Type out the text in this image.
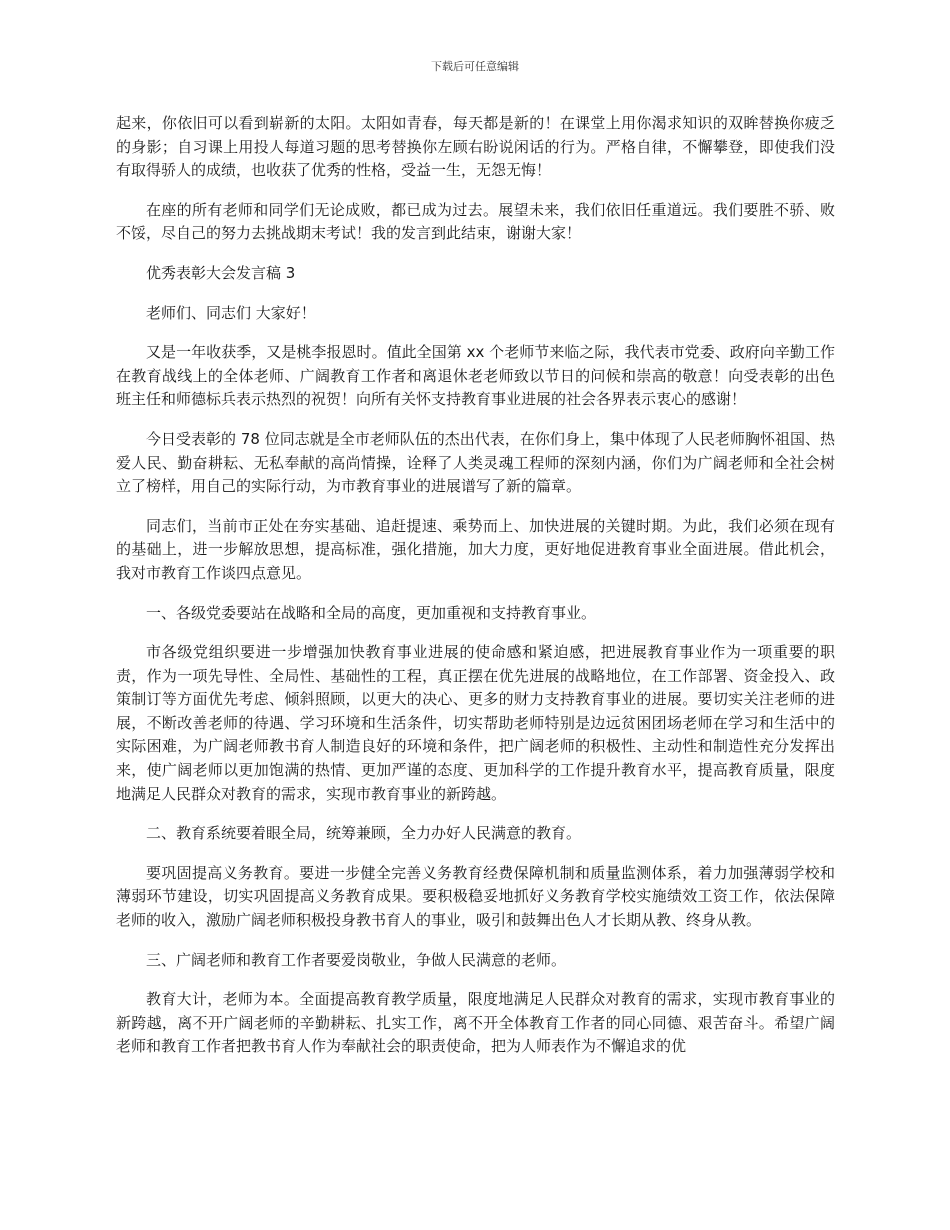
下载后可任意编辑

起来，你依旧可以看到崭新的太阳。太阳如青春，每天都是新的！在课堂上用你渴求知识的双眸替换你疲乏的身影；自习课上用投人每道习题的思考替换你左顾右盼说闲话的行为。严格自律，不懈攀登，即使我们没有取得骄人的成绩，也收获了优秀的性格，受益一生，无怨无悔！

在座的所有老师和同学们无论成败，都已成为过去。展望未来，我们依旧任重道远。我们要胜不骄、败不馁，尽自己的努力去挑战期末考试！我的发言到此结束，谢谢大家！

优秀表彰大会发言稿 3

老师们、同志们 大家好！

又是一年收获季，又是桃李报恩时。值此全国第 xx 个老师节来临之际，我代表市党委、政府向辛勤工作在教育战线上的全体老师、广阔教育工作者和离退休老老师致以节日的问候和崇高的敬意！向受表彰的出色班主任和师德标兵表示热烈的祝贺！向所有关怀支持教育事业进展的社会各界表示衷心的感谢！

今日受表彰的 78 位同志就是全市老师队伍的杰出代表，在你们身上，集中体现了人民老师胸怀祖国、热爱人民、勤奋耕耘、无私奉献的高尚情操，诠释了人类灵魂工程师的深刻内涵，你们为广阔老师和全社会树立了榜样，用自己的实际行动，为市教育事业的进展谱写了新的篇章。

同志们，当前市正处在夯实基础、追赶提速、乘势而上、加快进展的关键时期。为此，我们必须在现有的基础上，进一步解放思想，提高标准，强化措施，加大力度，更好地促进教育事业全面进展。借此机会，我对市教育工作谈四点意见。

一、各级党委要站在战略和全局的高度，更加重视和支持教育事业。

市各级党组织要进一步增强加快教育事业进展的使命感和紧迫感，把进展教育事业作为一项重要的职责，作为一项先导性、全局性、基础性的工程，真正摆在优先进展的战略地位，在工作部署、资金投入、政策制订等方面优先考虑、倾斜照顾，以更大的决心、更多的财力支持教育事业的进展。要切实关注老师的进展，不断改善老师的待遇、学习环境和生活条件，切实帮助老师特别是边远贫困团场老师在学习和生活中的实际困难，为广阔老师教书育人制造良好的环境和条件，把广阔老师的积极性、主动性和制造性充分发挥出来，使广阔老师以更加饱满的热情、更加严谨的态度、更加科学的工作提升教育水平，提高教育质量，限度地满足人民群众对教育的需求，实现市教育事业的新跨越。

二、教育系统要着眼全局，统筹兼顾，全力办好人民满意的教育。

要巩固提高义务教育。要进一步健全完善义务教育经费保障机制和质量监测体系，着力加强薄弱学校和薄弱环节建设，切实巩固提高义务教育成果。要积极稳妥地抓好义务教育学校实施绩效工资工作，依法保障老师的收入，激励广阔老师积极投身教书育人的事业，吸引和鼓舞出色人才长期从教、终身从教。

三、广阔老师和教育工作者要爱岗敬业，争做人民满意的老师。

教育大计，老师为本。全面提高教育教学质量，限度地满足人民群众对教育的需求，实现市教育事业的新跨越，离不开广阔老师的辛勤耕耘、扎实工作，离不开全体教育工作者的同心同德、艰苦奋斗。希望广阔老师和教育工作者把教书育人作为奉献社会的职责使命，把为人师表作为不懈追求的优
